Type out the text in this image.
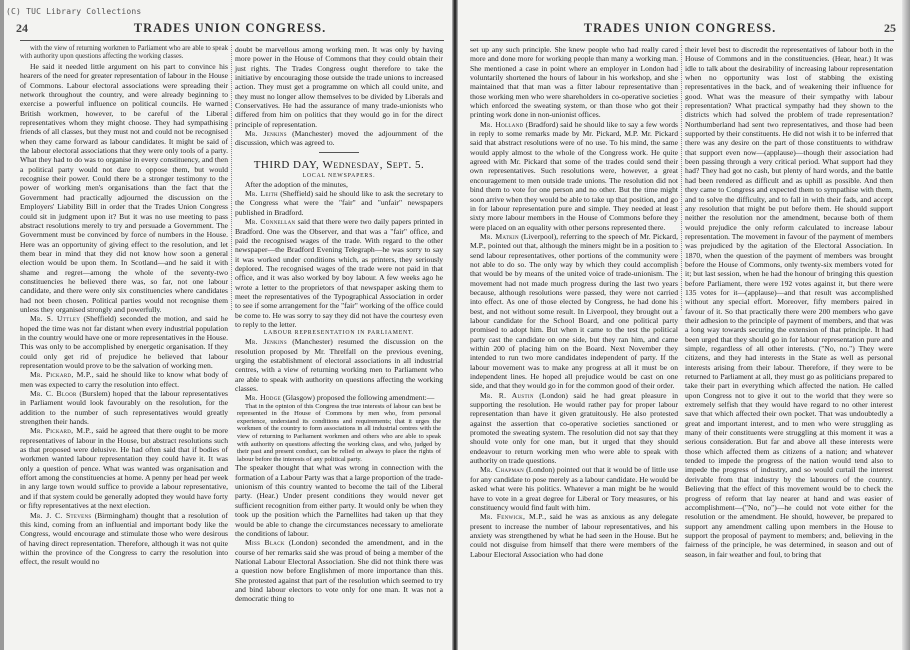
(C) TUC Library Collections
24	TRADES UNION CONGRESS.

with the view of returning workmen to Parliament who are able to speak with authority upon questions affecting the working classes.

He said it needed little argument on his part to convince his hearers of the need for greater representation of labour in the House of Commons. Labour electoral associations were spreading their network throughout the country, and were already beginning to exercise a powerful influence on political councils. He warned British workmen, however, to be careful of the Liberal representatives whom they might choose. They had sympathising friends of all classes, but they must not and could not be recognised when they came forward as labour candidates. It might be said of the labour electoral associations that they were only tools of a party. What they had to do was to organise in every constituency, and then a political party would not dare to oppose them, but would recognise their power. Could there be a stronger testimony to the power of working men's organisations than the fact that the Government had practically adjourned the discussion on the Employers' Liability Bill in order that the Trades Union Congress could sit in judgment upon it? But it was no use meeting to pass abstract resolutions merely to try and persuade a Government. The Government must be convinced by force of numbers in the House. Here was an opportunity of giving effect to the resolution, and let them bear in mind that they did not know how soon a general election would be upon them. In Scotland—and he said it with shame and regret—among the whole of the seventy-two constituencies he believed there was, so far, not one labour candidate, and there were only six constituencies where candidates had not been chosen. Political parties would not recognise them unless they organised strongly and powerfully.

Mr. S. Uttley (Sheffield) seconded the motion, and said he hoped the time was not far distant when every industrial population in the country would have one or more representatives in the House. This was only to be accomplished by energetic organisation. If they could only get rid of prejudice he believed that labour representation would prove to be the salvation of working men.

Mr. Pickard, M.P., said he should like to know what body of men was expected to carry the resolution into effect.

Mr. C. Bloor (Burslem) hoped that the labour representatives in Parliament would look favourably on the resolution, for the addition to the number of such representatives would greatly strengthen their hands.

Mr. Pickard, M.P., said he agreed that there ought to be more representatives of labour in the House, but abstract resolutions such as that proposed were delusive. He had often said that if bodies of workmen wanted labour representation they could have it. It was only a question of pence. What was wanted was organisation and effort among the constituencies at home. A penny per head per week in any large town would suffice to provide a labour representative, and if that system could be generally adopted they would have forty or fifty representatives at the next election.

Mr. J. C. Stevens (Birmingham) thought that a resolution of this kind, coming from an influential and important body like the Congress, would encourage and stimulate those who were desirous of having direct representation. Therefore, although it was not quite within the province of the Congress to carry the resolution into effect, the result would no

doubt be marvellous among working men. It was only by having more power in the House of Commons that they could obtain their just rights. The Trades Congress ought therefore to take the initiative by encouraging those outside the trade unions to increased action. They must get a programme on which all could unite, and they must no longer allow themselves to be divided by Liberals and Conservatives. He had the assurance of many trade-unionists who differed from him on politics that they would go in for the direct principle of representation.

Mr. Jenkins (Manchester) moved the adjournment of the discussion, which was agreed to.

THIRD DAY, Wednesday, Sept. 5.
LOCAL NEWSPAPERS.

After the adoption of the minutes,

Mr. Leith (Sheffield) said he should like to ask the secretary to the Congress what were the "fair" and "unfair" newspapers published in Bradford.

Mr. Connellan said that there were two daily papers printed in Bradford. One was the Observer, and that was a "fair" office, and paid the recognised wages of the trade. With regard to the other newspaper—the Bradford Evening Telegraph—he was sorry to say it was worked under conditions which, as printers, they seriously deplored. The recognised wages of the trade were not paid in that office, and it was also worked by boy labour. A few weeks ago he wrote a letter to the proprietors of that newspaper asking them to meet the representatives of the Typographical Association in order to see if some arrangement for the "fair" working of the office could be come to. He was sorry to say they did not have the courtesy even to reply to the letter.

LABOUR REPRESENTATION IN PARLIAMENT.

Mr. Jenkins (Manchester) resumed the discussion on the resolution proposed by Mr. Threlfall on the previous evening, urging the establishment of electoral associations in all industrial centres, with a view of returning working men to Parliament who are able to speak with authority on questions affecting the working classes.

Mr. Hodge (Glasgow) proposed the following amendment:—

That in the opinion of this Congress the true interests of labour can best be represented in the House of Commons by men who, from personal experience, understand its conditions and requirements; that it urges the workmen of the country to form associations in all industrial centres with the view of returning to Parliament workmen and others who are able to speak with authority on questions affecting the working class, and who, judged by their past and present conduct, can be relied on always to place the rights of labour before the interests of any political party.

The speaker thought that what was wrong in connection with the formation of a Labour Party was that a large proportion of the trade-unionism of this country wanted to become the tail of the Liberal party. (Hear.) Under present conditions they would never get sufficient recognition from either party. It would only be when they took up the position which the Parnellites had taken up that they would be able to change the circumstances necessary to ameliorate the conditions of labour.

Miss Black (London) seconded the amendment, and in the course of her remarks said she was proud of being a member of the National Labour Electoral Association. She did not think there was a question now before Englishmen of more importance than this. She protested against that part of the resolution which seemed to try and bind labour electors to vote only for one man. It was not a democratic thing to

TRADES UNION CONGRESS.	25

set up any such principle. She knew people who had really cared more and done more for working people than many a working man. She mentioned a case in point where an employer in London had voluntarily shortened the hours of labour in his workshop, and she maintained that that man was a fitter labour representative than those working men who were shareholders in co-operative societies which enforced the sweating system, or than those who got their printing work done in non-unionist offices.

Mr. Holland (Bradford) said he should like to say a few words in reply to some remarks made by Mr. Pickard, M.P. Mr. Pickard said that abstract resolutions were of no use. To his mind, the same would apply almost to the whole of the Congress work. He quite agreed with Mr. Pickard that some of the trades could send their own representatives. Such resolutions were, however, a great encouragement to men outside trade unions. The resolution did not bind them to vote for one person and no other. But the time might soon arrive when they would be able to take up that position, and go in for labour representation pure and simple. They needed at least sixty more labour members in the House of Commons before they were placed on an equality with other persons represented there.

Mr. Matkin (Liverpool), referring to the speech of Mr. Pickard, M.P., pointed out that, although the miners might be in a position to send labour representatives, other portions of the community were not able to do so. The only way by which they could accomplish that would be by means of the united voice of trade-unionism. The movement had not made much progress during the last two years because, although resolutions were passed, they were not carried into effect. As one of those elected by Congress, he had done his best, and not without some result. In Liverpool, they brought out a labour candidate for the School Board, and one political party promised to adopt him. But when it came to the test the political party cast the candidate on one side, but they ran him, and came within 200 of placing him on the Board. Next November they intended to run two more candidates independent of party. If the labour movement was to make any progress at all it must be on independent lines. He hoped all prejudice would be cast on one side, and that they would go in for the common good of their order.

Mr. R. Austin (London) said he had great pleasure in supporting the resolution. He would rather pay for proper labour representation than have it given gratuitously. He also protested against the assertion that co-operative societies sanctioned or promoted the sweating system. The resolution did not say that they should vote only for one man, but it urged that they should endeavour to return working men who were able to speak with authority on trade questions.

Mr. Chapman (London) pointed out that it would be of little use for any candidate to pose merely as a labour candidate. He would be asked what were his politics. Whatever a man might be he would have to vote in a great degree for Liberal or Tory measures, or his constituency would find fault with him.

Mr. Fenwick, M.P., said he was as anxious as any delegate present to increase the number of labour representatives, and his anxiety was strengthened by what he had seen in the House. But he could not disguise from himself that there were members of the Labour Electoral Association who had done

their level best to discredit the representatives of labour both in the House of Commons and in the constituencies. (Hear, hear.) It was idle to talk about the desirability of increasing labour representation when no opportunity was lost of stabbing the existing representatives in the back, and of weakening their influence for good. What was the measure of their sympathy with labour representation? What practical sympathy had they shown to the districts which had solved the problem of trade representation? Northumberland had sent two representatives, and those had been supported by their constituents. He did not wish it to be inferred that there was any desire on the part of those constituents to withdraw that support even now—(applause)—though their association had been passing through a very critical period. What support had they had? They had got no cash, but plenty of hard words, and the battle had been rendered as difficult and as uphill as possible. And then they came to Congress and expected them to sympathise with them, and to solve the difficulty, and to fall in with their fads, and accept any resolution that might be put before them. He should support neither the resolution nor the amendment, because both of them would prejudice the only reform calculated to increase labour representation. The movement in favour of the payment of members was prejudiced by the agitation of the Electoral Association. In 1870, when the question of the payment of members was brought before the House of Commons, only twenty-six members voted for it; but last session, when he had the honour of bringing this question before Parliament, there were 192 votes against it, but there were 135 votes for it—(applause)—and that result was accomplished without any special effort. Moreover, fifty members paired in favour of it. So that practically there were 200 members who gave their adhesion to the principle of payment of members, and that was a long way towards securing the extension of that principle. It had been urged that they should go in for labour representation pure and simple, regardless of all other interests. ("No, no.") They were citizens, and they had interests in the State as well as personal interests arising from their labour. Therefore, if they were to be returned to Parliament at all, they must go as politicians prepared to take their part in everything which affected the nation. He called upon Congress not to give it out to the world that they were so extremely selfish that they would have regard to no other interest save that which affected their own pocket. That was undoubtedly a great and important interest, and to men who were struggling as many of their constituents were struggling at this moment it was a serious consideration. But far and above all these interests were those which affected them as citizens of a nation; and whatever tended to impede the progress of the nation would tend also to impede the progress of industry, and so would curtail the interest derivable from that industry by the labourers of the country. Believing that the effect of this movement would be to check the progress of reform that lay nearer at hand and was easier of accomplishment—("No, no")—he could not vote either for the resolution or the amendment. He should, however, be prepared to support any amendment calling upon members in the House to support the proposal of payment to members; and, believing in the fairness of the principle, he was determined, in season and out of season, in fair weather and foul, to bring that
